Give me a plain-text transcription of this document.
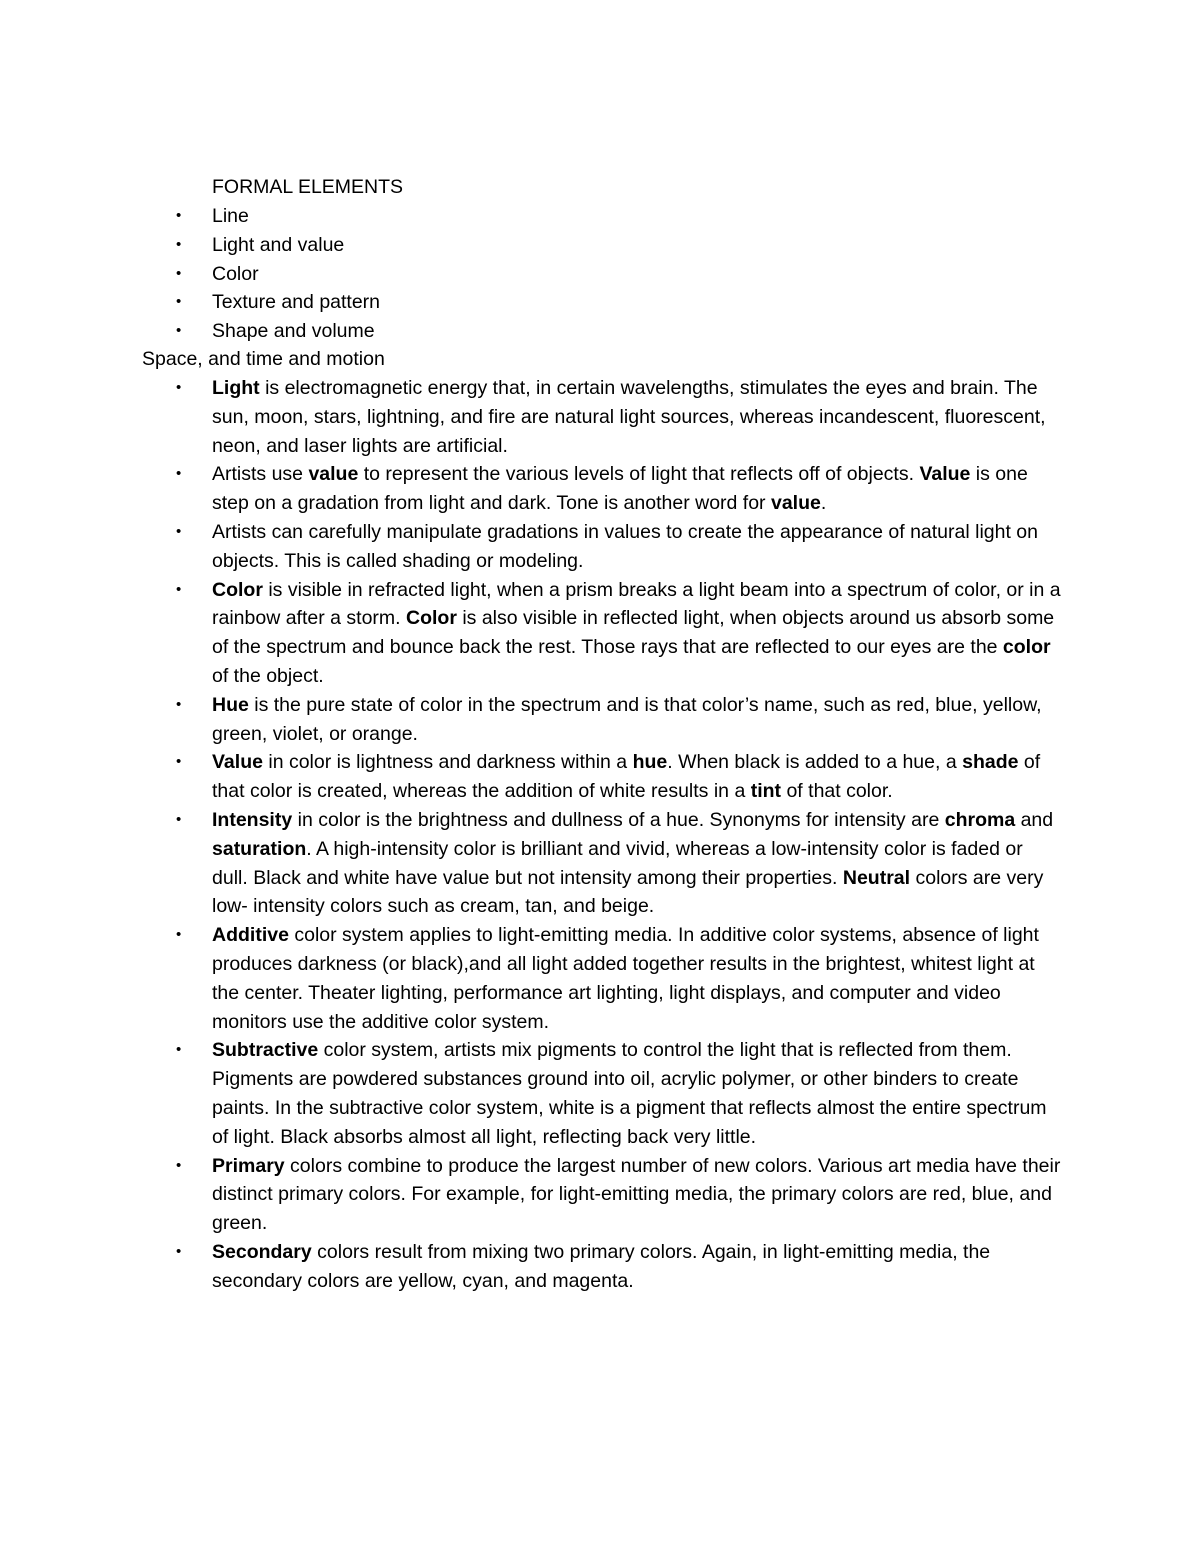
FORMAL ELEMENTS
• Line
• Light and value
• Color
• Texture and pattern
• Shape and volume
Space, and time and motion
• Light is electromagnetic energy that, in certain wavelengths, stimulates the eyes and brain. The sun, moon, stars, lightning, and fire are natural light sources, whereas incandescent, fluorescent, neon, and laser lights are artificial.
• Artists use value to represent the various levels of light that reflects off of objects. Value is one step on a gradation from light and dark. Tone is another word for value.
• Artists can carefully manipulate gradations in values to create the appearance of natural light on objects. This is called shading or modeling.
• Color is visible in refracted light, when a prism breaks a light beam into a spectrum of color, or in a rainbow after a storm. Color is also visible in reflected light, when objects around us absorb some of the spectrum and bounce back the rest. Those rays that are reflected to our eyes are the color of the object.
• Hue is the pure state of color in the spectrum and is that color’s name, such as red, blue, yellow, green, violet, or orange.
• Value in color is lightness and darkness within a hue. When black is added to a hue, a shade of that color is created, whereas the addition of white results in a tint of that color.
• Intensity in color is the brightness and dullness of a hue. Synonyms for intensity are chroma and saturation. A high-intensity color is brilliant and vivid, whereas a low-intensity color is faded or dull. Black and white have value but not intensity among their properties. Neutral colors are very low- intensity colors such as cream, tan, and beige.
• Additive color system applies to light-emitting media. In additive color systems, absence of light produces darkness (or black),and all light added together results in the brightest, whitest light at the center. Theater lighting, performance art lighting, light displays, and computer and video monitors use the additive color system.
• Subtractive color system, artists mix pigments to control the light that is reflected from them. Pigments are powdered substances ground into oil, acrylic polymer, or other binders to create paints. In the subtractive color system, white is a pigment that reflects almost the entire spectrum of light. Black absorbs almost all light, reflecting back very little.
• Primary colors combine to produce the largest number of new colors. Various art media have their distinct primary colors. For example, for light-emitting media, the primary colors are red, blue, and green.
• Secondary colors result from mixing two primary colors. Again, in light-emitting media, the secondary colors are yellow, cyan, and magenta.
